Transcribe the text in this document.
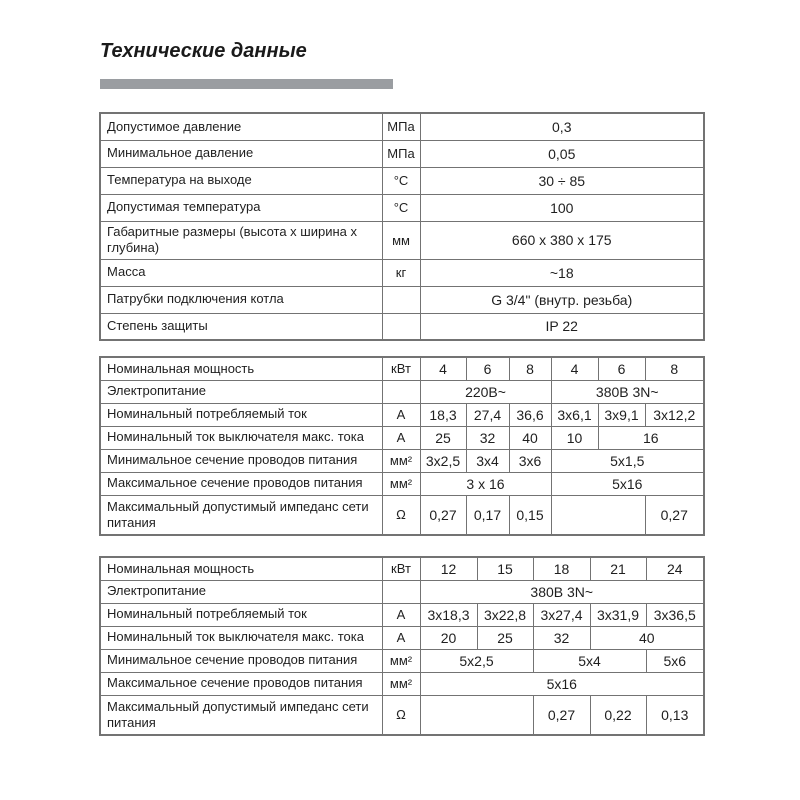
Технические данные
Допустимое давление	МПа	0,3
Минимальное давление	МПа	0,05
Температура на выходе	°С	30 ÷ 85
Допустимая температура	°С	100
Габаритные размеры (высота x ширина x глубина)	мм	660 x 380 x 175
Масса	кг	~18
Патрубки подключения котла		G 3/4" (внутр. резьба)
Степень защиты		IP 22
Номинальная мощность	кВт	4	6	8	4	6	8
Электропитание		220В~			380В 3N~		
Номинальный потребляемый ток	А	18,3	27,4	36,6	3х6,1	3х9,1	3х12,2
Номинальный ток выключателя макс. тока	А	25	32	40	10	16	
Минимальное сечение проводов питания	мм²	3х2,5	3х4	3х6	5х1,5		
Максимальное сечение проводов питания	мм²	3 х 16			5х16		
Максимальный допустимый импеданс сети питания	Ω	0,27	0,17	0,15			0,27
Номинальная мощность	кВт	12	15	18	21	24
Электропитание		380В 3N~				
Номинальный потребляемый ток	А	3х18,3	3х22,8	3х27,4	3х31,9	3х36,5
Номинальный ток выключателя макс. тока	А	20	25	32	40	
Минимальное сечение проводов питания	мм²	5х2,5		5х4		5х6
Максимальное сечение проводов питания	мм²	5х16				
Максимальный допустимый импеданс сети питания	Ω			0,27	0,22	0,13
